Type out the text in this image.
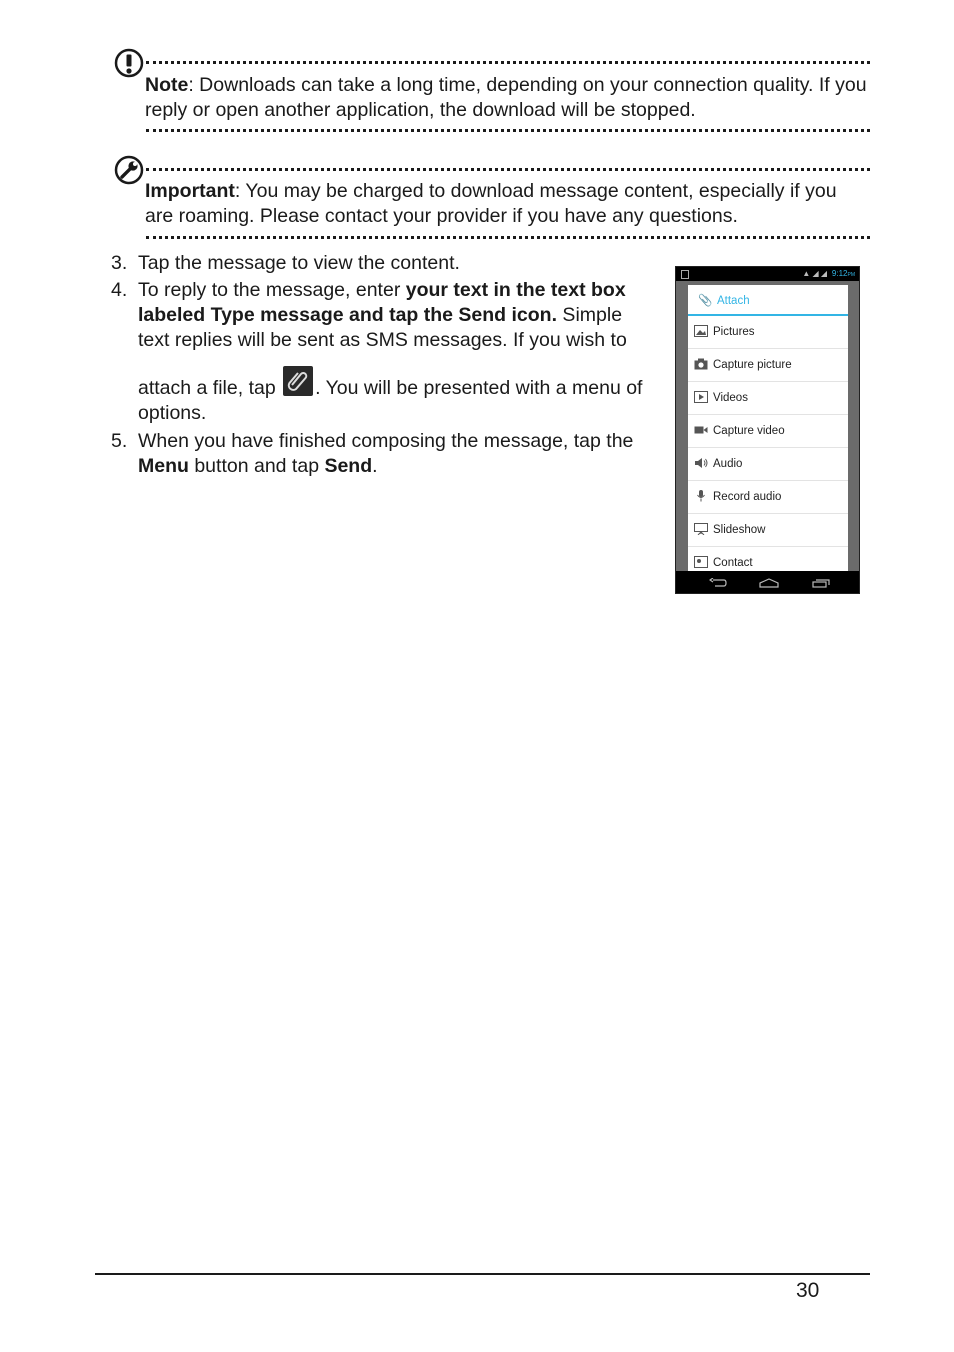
Note: Downloads can take a long time, depending on your connection quality. If you reply or open another application, the download will be stopped.
Important: You may be charged to download message content, especially if you are roaming. Please contact your provider if you have any questions.
3. Tap the message to view the content.
4. To reply to the message, enter your text in the text box labeled Type message and tap the Send icon. Simple text replies will be sent as SMS messages. If you wish to
attach a file, tap
. You will be presented with a menu of options.
5. When you have finished composing the message, tap the Menu button and tap Send.
▲ ◢ ◢ 9:12PM
📎 Attach
Pictures
Capture picture
Videos
Capture video
Audio
Record audio
Slideshow
Contact
30
